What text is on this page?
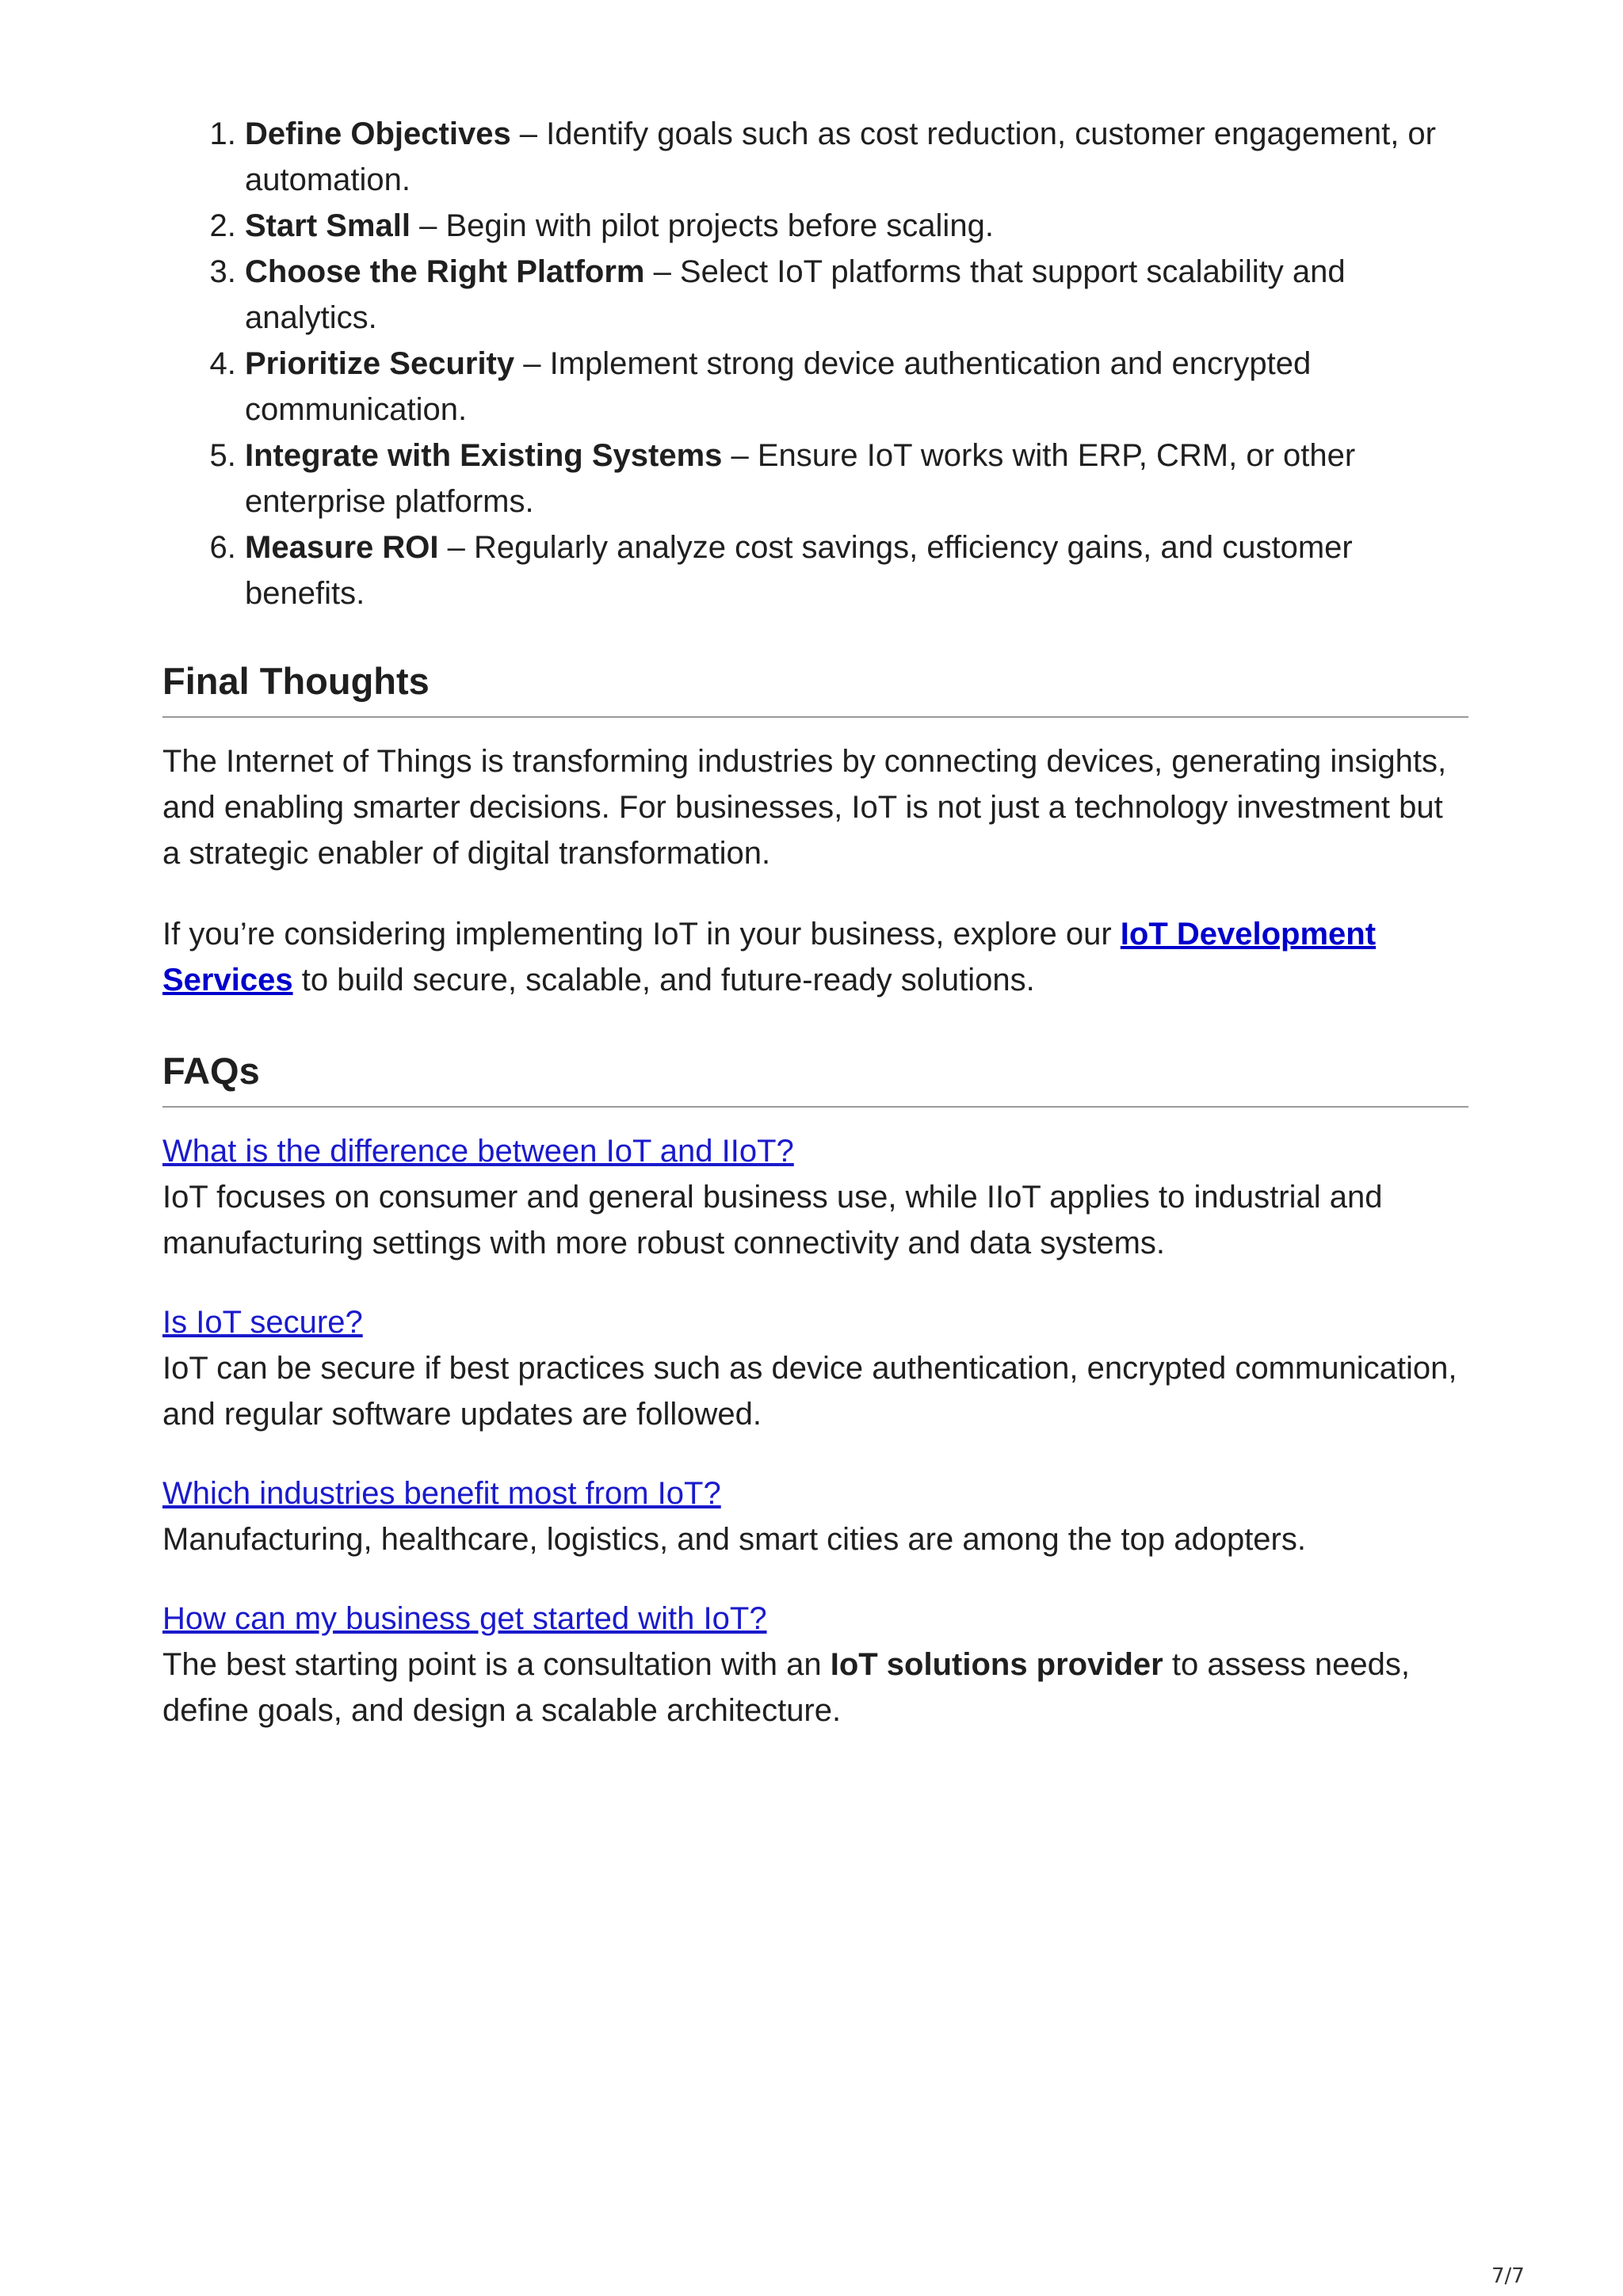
1. Define Objectives – Identify goals such as cost reduction, customer engagement, or automation.
2. Start Small – Begin with pilot projects before scaling.
3. Choose the Right Platform – Select IoT platforms that support scalability and analytics.
4. Prioritize Security – Implement strong device authentication and encrypted communication.
5. Integrate with Existing Systems – Ensure IoT works with ERP, CRM, or other enterprise platforms.
6. Measure ROI – Regularly analyze cost savings, efficiency gains, and customer benefits.
Final Thoughts

The Internet of Things is transforming industries by connecting devices, generating insights, and enabling smarter decisions. For businesses, IoT is not just a technology investment but a strategic enabler of digital transformation.

If you’re considering implementing IoT in your business, explore our IoT Development Services to build secure, scalable, and future-ready solutions.

FAQs
What is the difference between IoT and IIoT?
IoT focuses on consumer and general business use, while IIoT applies to industrial and manufacturing settings with more robust connectivity and data systems.
Is IoT secure?
IoT can be secure if best practices such as device authentication, encrypted communication, and regular software updates are followed.
Which industries benefit most from IoT?
Manufacturing, healthcare, logistics, and smart cities are among the top adopters.
How can my business get started with IoT?
The best starting point is a consultation with an IoT solutions provider to assess needs, define goals, and design a scalable architecture.
7/7
